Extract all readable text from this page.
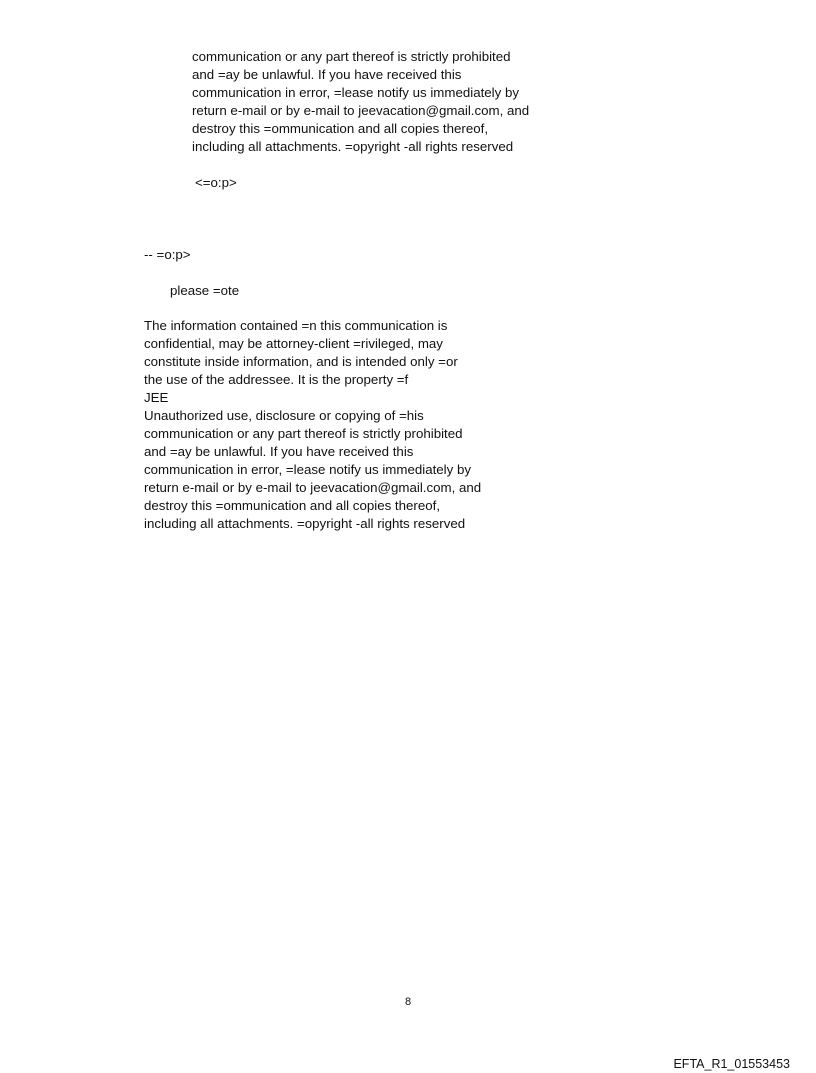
communication or any part thereof is strictly prohibited
and =ay be unlawful. If you have received this
communication in error, =lease notify us immediately by
return e-mail or by e-mail to jeevacation@gmail.com, and
destroy this =ommunication and all copies thereof,
including all attachments. =opyright -all rights reserved
<=o:p>
-- =o:p>
please =ote
The information contained =n this communication is
confidential, may be attorney-client =rivileged, may
constitute inside information, and is intended only =or
the use of the addressee. It is the property =f
JEE
Unauthorized use, disclosure or copying of =his
communication or any part thereof is strictly prohibited
and =ay be unlawful. If you have received this
communication in error, =lease notify us immediately by
return e-mail or by e-mail to jeevacation@gmail.com, and
destroy this =ommunication and all copies thereof,
including all attachments. =opyright -all rights reserved
8
EFTA_R1_01553453
